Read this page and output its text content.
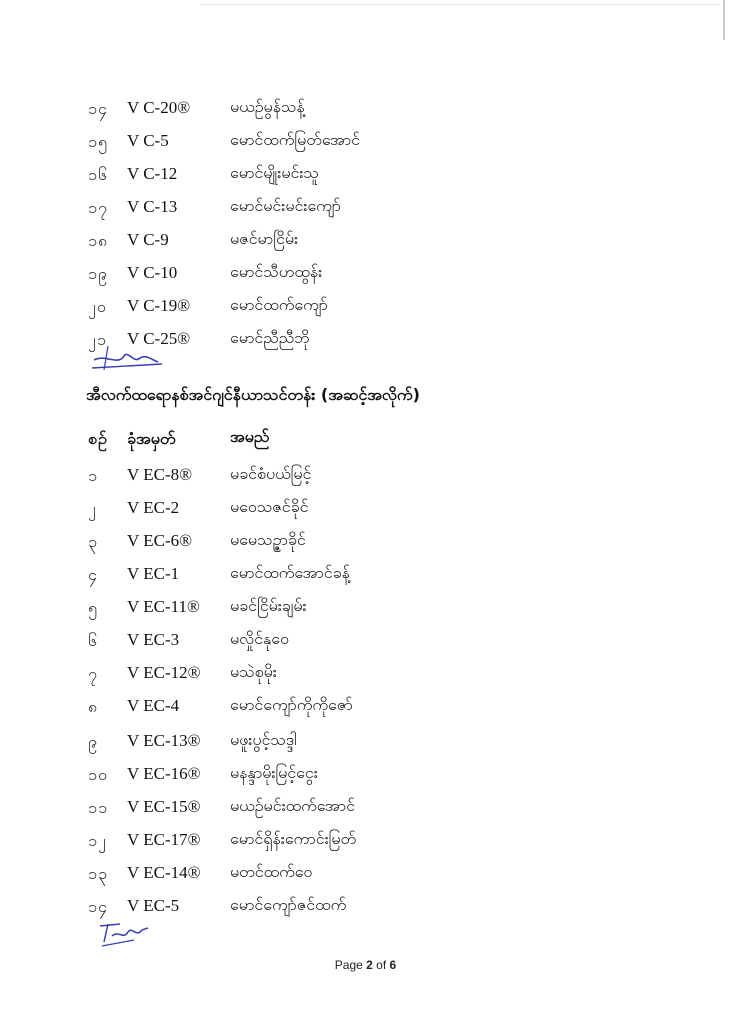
၁၄ V C-20® မယဉ်မွန်သန့်
၁၅ V C-5	မောင်ထက်မြတ်အောင်
၁၆ V C-12	မောင်မျိုးမင်းသူ
၁၇ V C-13	မောင်မင်းမင်းကျော်
၁၈ V C-9	မဇင်မာငြိမ်း
၁၉ V C-10	မောင်သီဟထွန်း
၂၀ V C-19® မောင်ထက်ကျော်
၂၁ V C-25® မောင်ညီညီဘို
အီလက်ထရောနစ်အင်ဂျင်နီယာသင်တန်း (အဆင့်အလိုက်)
စဥ် ခုံအမှတ်	အမည်
၁ V EC-8® မခင်စံပယ်မြင့်
၂ V EC-2	မဝေသဇင်ခိုင်
၃ V EC-6® မမေသဥ္ဇာခိုင်
၄ V EC-1	မောင်ထက်အောင်ခန့်
၅ V EC-11® မခင်ငြိမ်းချမ်း
၆ V EC-3	မလှိုင်နုဝေ
၇ V EC-12® မသဲစုမိုး
၈ V EC-4	မောင်ကျော်ကိုကိုဇော်
၉ V EC-13® မဖူးပွင့်သဒ္ဒါ
၁၀ V EC-16® မနန္ဒာမိုးမြင့်ငွေး
၁၁ V EC-15® မယဉ်မင်းထက်အောင်
၁၂ V EC-17® မောင်ရှိန်းကောင်းမြတ်
၁၃ V EC-14® မတင်ထက်ဝေ
၁၄ V EC-5	မောင်ကျော်ဇင်ထက်
Page 2 of 6
